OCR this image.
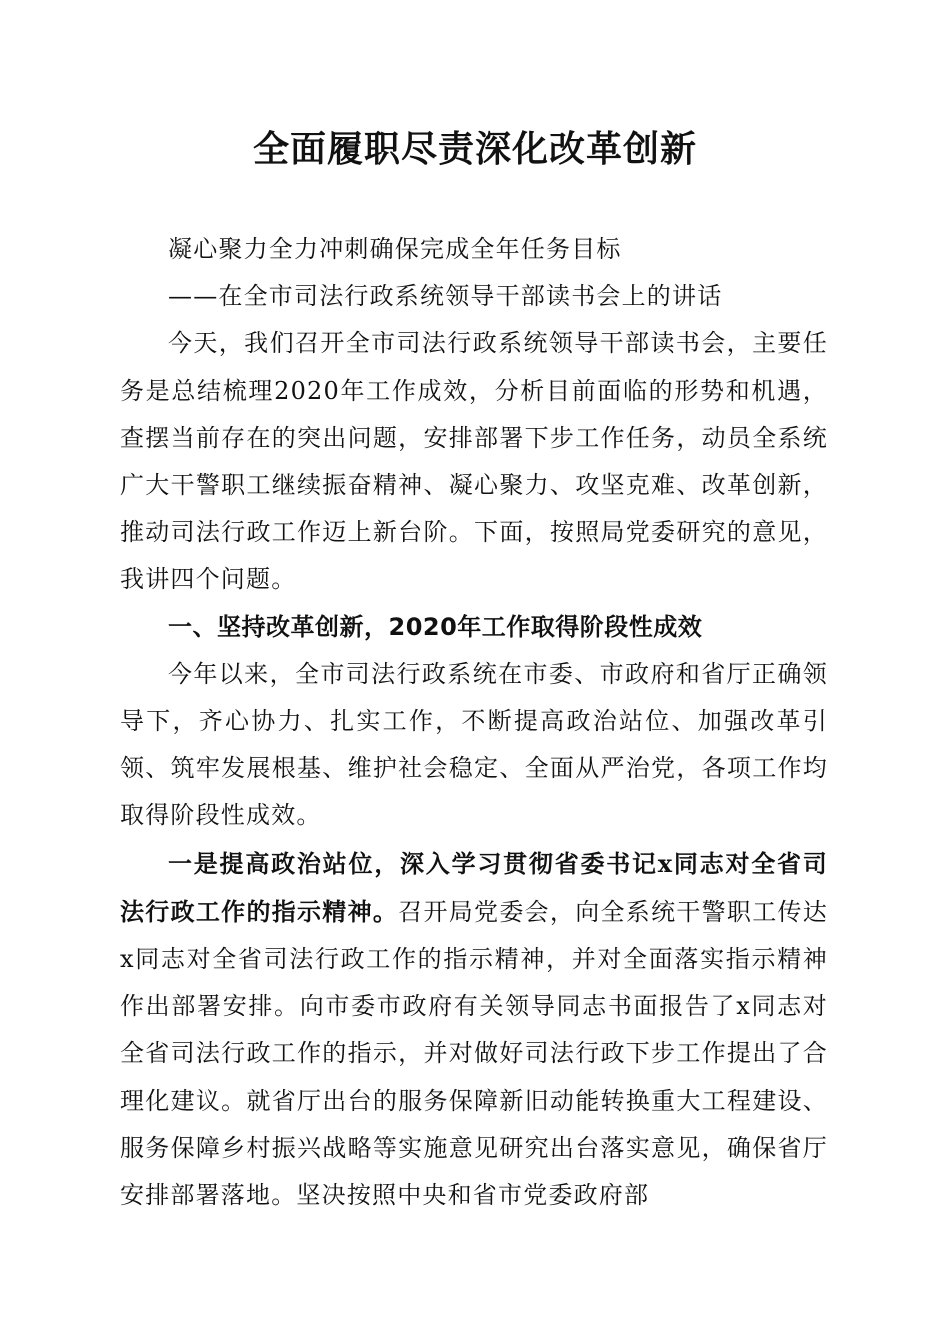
全面履职尽责深化改革创新

凝心聚力全力冲刺确保完成全年任务目标

——在全市司法行政系统领导干部读书会上的讲话

今天，我们召开全市司法行政系统领导干部读书会，主要任务是总结梳理2020年工作成效，分析目前面临的形势和机遇，查摆当前存在的突出问题，安排部署下步工作任务，动员全系统广大干警职工继续振奋精神、凝心聚力、攻坚克难、改革创新，推动司法行政工作迈上新台阶。下面，按照局党委研究的意见，我讲四个问题。

一、坚持改革创新，2020年工作取得阶段性成效

今年以来，全市司法行政系统在市委、市政府和省厅正确领导下，齐心协力、扎实工作，不断提高政治站位、加强改革引领、筑牢发展根基、维护社会稳定、全面从严治党，各项工作均取得阶段性成效。

一是提高政治站位，深入学习贯彻省委书记x同志对全省司法行政工作的指示精神。召开局党委会，向全系统干警职工传达x同志对全省司法行政工作的指示精神，并对全面落实指示精神作出部署安排。向市委市政府有关领导同志书面报告了x同志对全省司法行政工作的指示，并对做好司法行政下步工作提出了合理化建议。就省厅出台的服务保障新旧动能转换重大工程建设、服务保障乡村振兴战略等实施意见研究出台落实意见，确保省厅安排部署落地。坚决按照中央和省市党委政府部
